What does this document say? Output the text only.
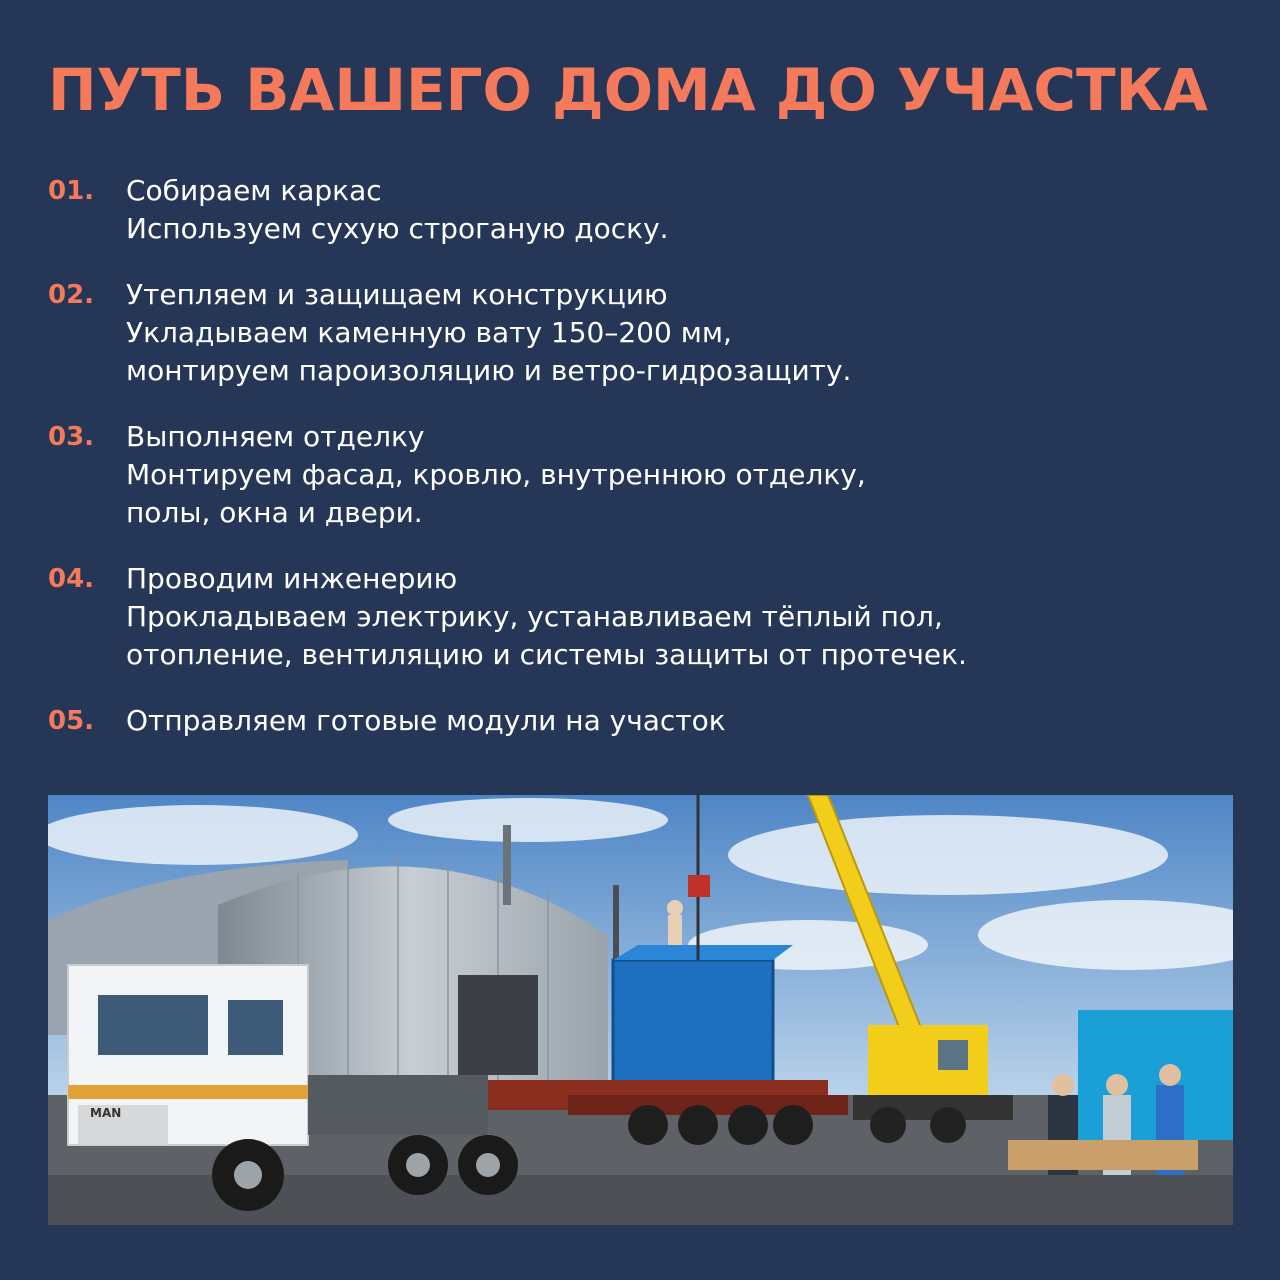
ПУТЬ ВАШЕГО ДОМА ДО УЧАСТКА
01. Собираем каркас
Используем сухую строганую доску.
02. Утепляем и защищаем конструкцию
Укладываем каменную вату 150–200 мм,
монтируем пароизоляцию и ветро-гидрозащиту.
03. Выполняем отделку
Монтируем фасад, кровлю, внутреннюю отделку,
полы, окна и двери.
04. Проводим инженерию
Прокладываем электрику, устанавливаем тёплый пол,
отопление, вентиляцию и системы защиты от протечек.
05. Отправляем готовые модули на участок
MAN
